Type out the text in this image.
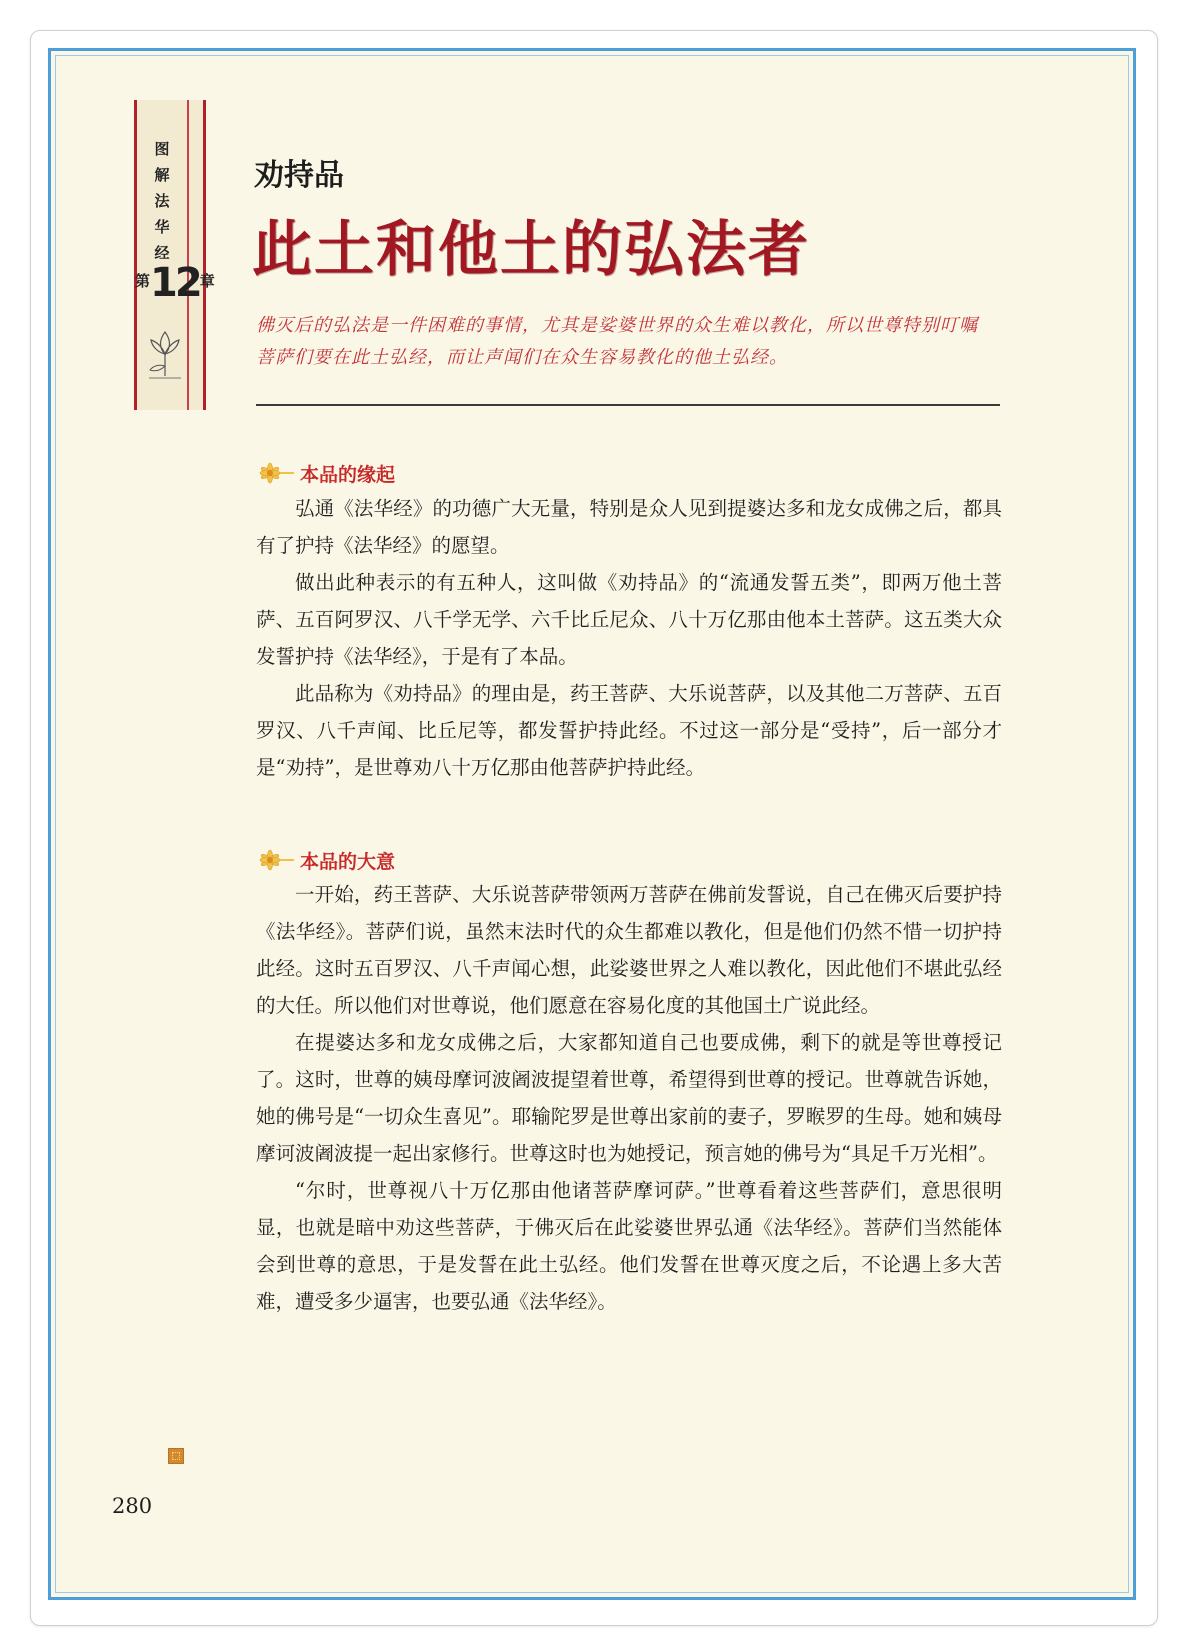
图
解
法
华
经
第12章
劝持品
此土和他土的弘法者
佛灭后的弘法是一件困难的事情，尤其是娑婆世界的众生难以教化，所以世尊特别叮嘱菩萨们要在此土弘经，而让声闻们在众生容易教化的他土弘经。
本品的缘起

弘通《法华经》的功德广大无量，特别是众人见到提婆达多和龙女成佛之后，都具有了护持《法华经》的愿望。

做出此种表示的有五种人，这叫做《劝持品》的“流通发誓五类”，即两万他土菩萨、五百阿罗汉、八千学无学、六千比丘尼众、八十万亿那由他本土菩萨。这五类大众发誓护持《法华经》，于是有了本品。

此品称为《劝持品》的理由是，药王菩萨、大乐说菩萨，以及其他二万菩萨、五百罗汉、八千声闻、比丘尼等，都发誓护持此经。不过这一部分是“受持”，后一部分才是“劝持”，是世尊劝八十万亿那由他菩萨护持此经。

本品的大意

一开始，药王菩萨、大乐说菩萨带领两万菩萨在佛前发誓说，自己在佛灭后要护持《法华经》。菩萨们说，虽然末法时代的众生都难以教化，但是他们仍然不惜一切护持此经。这时五百罗汉、八千声闻心想，此娑婆世界之人难以教化，因此他们不堪此弘经的大任。所以他们对世尊说，他们愿意在容易化度的其他国土广说此经。

在提婆达多和龙女成佛之后，大家都知道自己也要成佛，剩下的就是等世尊授记了。这时，世尊的姨母摩诃波阇波提望着世尊，希望得到世尊的授记。世尊就告诉她，她的佛号是“一切众生喜见”。耶输陀罗是世尊出家前的妻子，罗睺罗的生母。她和姨母摩诃波阇波提一起出家修行。世尊这时也为她授记，预言她的佛号为“具足千万光相”。

“尔时，世尊视八十万亿那由他诸菩萨摩诃萨。”世尊看着这些菩萨们，意思很明显，也就是暗中劝这些菩萨，于佛灭后在此娑婆世界弘通《法华经》。菩萨们当然能体会到世尊的意思，于是发誓在此土弘经。他们发誓在世尊灭度之后，不论遇上多大苦难，遭受多少逼害，也要弘通《法华经》。

280
